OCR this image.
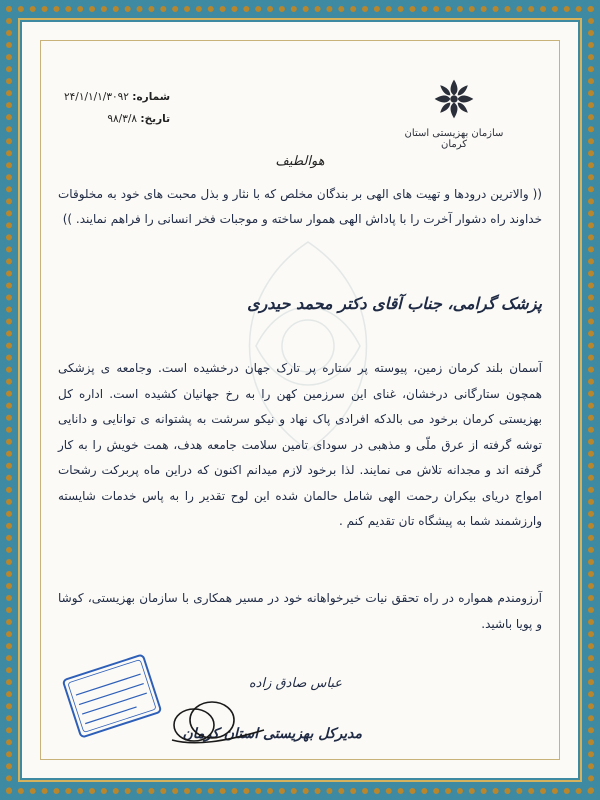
سازمان بهزیستی استان کرمان
شماره: ۲۴/۱/۱/۱/۳۰۹۲
تاریخ: ۹۸/۳/۸
هوالطیف
(( والاترین درودها و تهیت های الهی بر بندگان مخلص که با نثار و بذل محبت های خود به مخلوقات خداوند راه دشوار آخرت را با پاداش الهی هموار ساخته و موجبات فخر انسانی را فراهم نمایند. ))
پزشک گرامی، جناب آقای دکتر محمد حیدری
آسمان بلند کرمان زمین، پیوسته پر ستاره پر تارک جهان درخشیده است. وجامعه ی پزشکی همچون ستارگانی درخشان، غنای این سرزمین کهن را به رخ جهانیان کشیده است. اداره کل بهزیستی کرمان برخود می بالدکه افرادی پاک نهاد و نیکو سرشت به پشتوانه ی توانایی و دانایی توشه گرفته از عرق ملّی و مذهبی در سودای تامین سلامت جامعه هدف، همت خویش را به کار گرفته اند و مجدانه تلاش می نمایند. لذا برخود لازم میدانم اکنون که دراین ماه پربرکت رشحات امواج دریای بیکران رحمت الهی شامل حالمان شده این لوح تقدیر را به پاس خدمات شایسته وارزشمند شما به پیشگاه تان تقدیم کنم .
آرزومندم همواره در راه تحقق نیات خیرخواهانه خود در مسیر همکاری با سازمان بهزیستی، کوشا و پویا باشید.
عباس صادق زاده
مدیرکل بهزیستی استان کرمان
